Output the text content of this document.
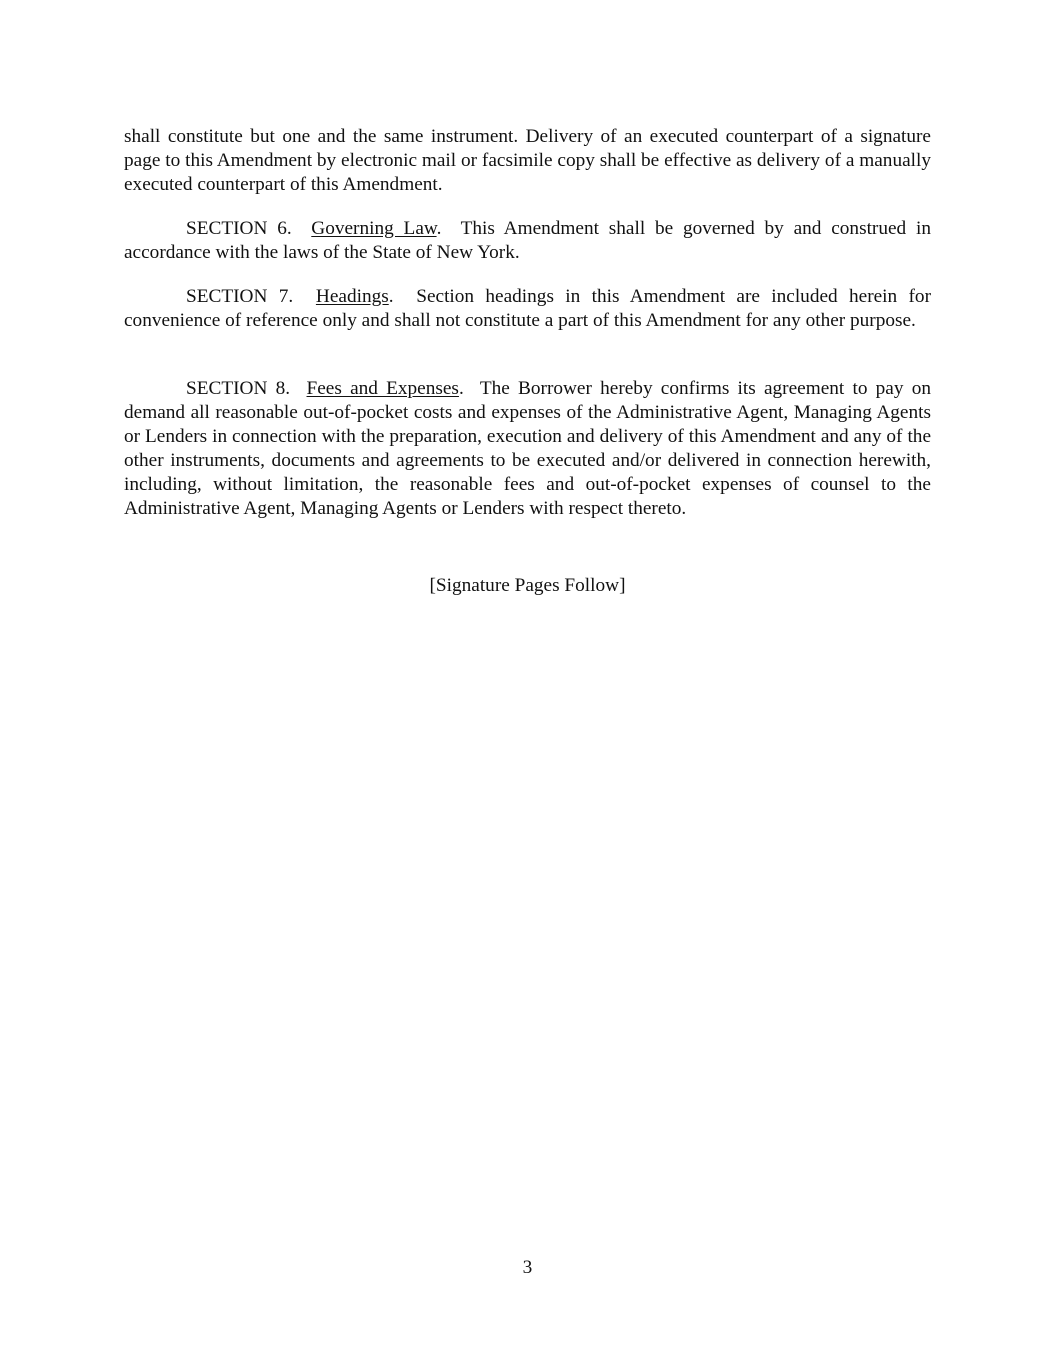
shall constitute but one and the same instrument. Delivery of an executed counterpart of a signature page to this Amendment by electronic mail or facsimile copy shall be effective as delivery of a manually executed counterpart of this Amendment.

SECTION 6. Governing Law.  This Amendment shall be governed by and construed in accordance with the laws of the State of New York.

SECTION 7. Headings.  Section headings in this Amendment are included herein for convenience of reference only and shall not constitute a part of this Amendment for any other purpose.

SECTION 8. Fees and Expenses.  The Borrower hereby confirms its agreement to pay on demand all reasonable out-of-pocket costs and expenses of the Administrative Agent, Managing Agents or Lenders in connection with the preparation, execution and delivery of this Amendment and any of the other instruments, documents and agreements to be executed and/or delivered in connection herewith, including, without limitation, the reasonable fees and out-of-pocket expenses of counsel to the Administrative Agent, Managing Agents or Lenders with respect thereto.

[Signature Pages Follow]

3
